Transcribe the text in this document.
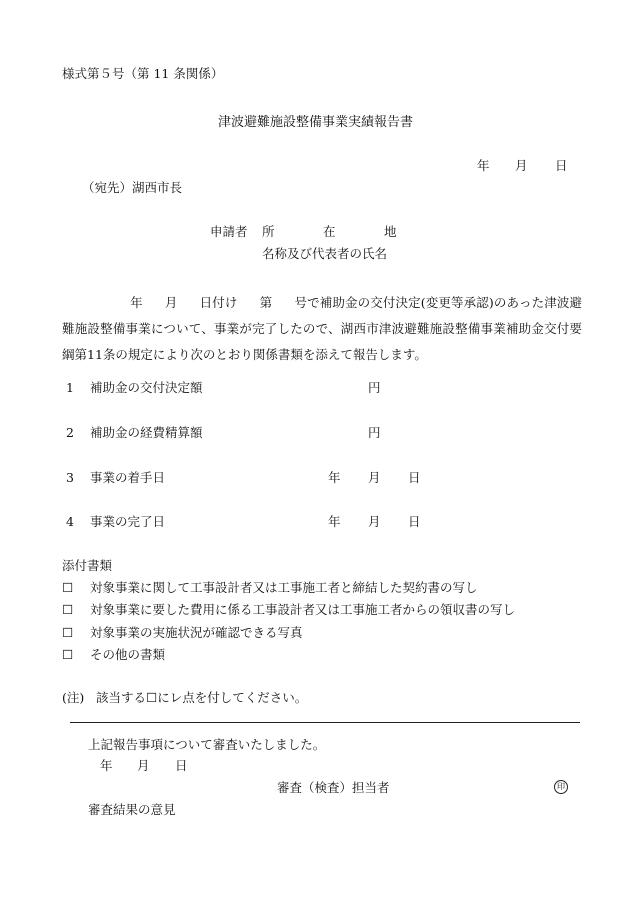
様式第５号（第 11 条関係）
津波避難施設整備事業実績報告書
年 月 日
（宛先）湖西市長
申請者 所	在	地
名称及び代表者の氏名
年 月 日付け 第 号で補助金の交付決定(変更等承認)のあった津波避難施設整備事業について、事業が完了したので、湖西市津波避難施設整備事業補助金交付要綱第11条の規定により次のとおり関係書類を添えて報告します。
1 補助金の交付決定額	円
2 補助金の経費精算額	円
3 事業の着手日	年 月 日
4 事業の完了日	年 月 日
添付書類
☐ 対象事業に関して工事設計者又は工事施工者と締結した契約書の写し
☐ 対象事業に要した費用に係る工事設計者又は工事施工者からの領収書の写し
☐ 対象事業の実施状況が確認できる写真
☐ その他の書類
(注) 該当する☐にレ点を付してください。
上記報告事項について審査いたしました。
年 月 日
審査（検査）担当者	印
審査結果の意見
